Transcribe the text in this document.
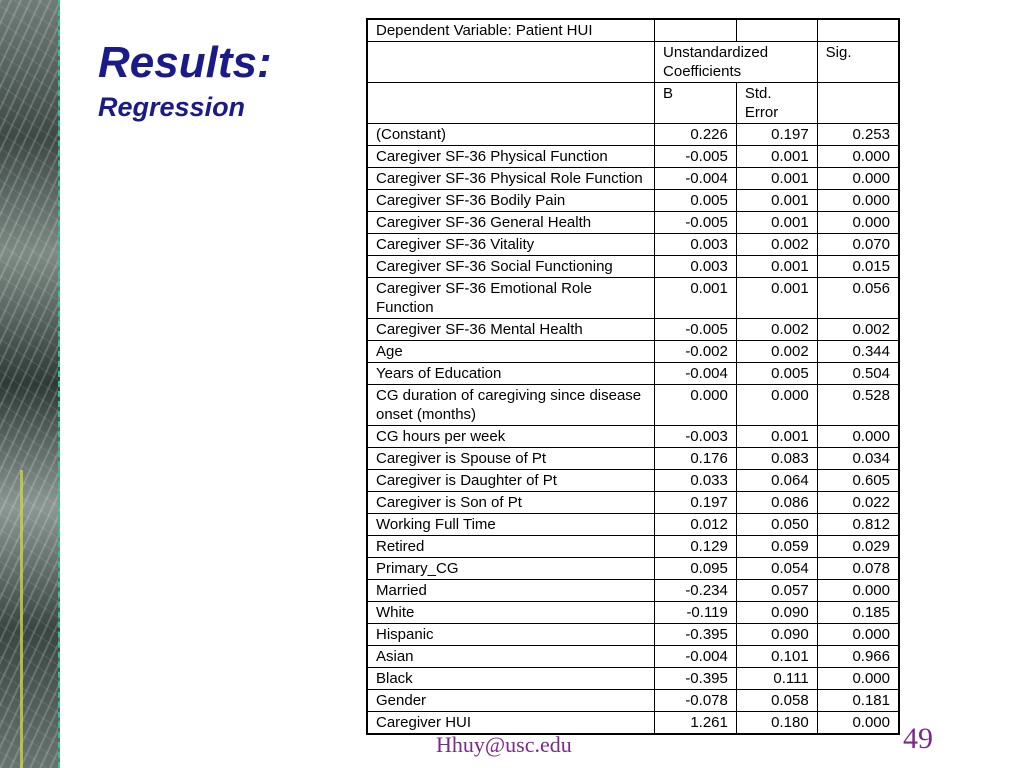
Results:
Regression
Dependent Variable: Patient HUI			
	Unstandardized Coefficients		Sig.
	B	Std. Error	
(Constant)	0.226	0.197	0.253
Caregiver SF-36 Physical Function	-0.005	0.001	0.000
Caregiver SF-36 Physical Role Function	-0.004	0.001	0.000
Caregiver SF-36 Bodily Pain	0.005	0.001	0.000
Caregiver SF-36 General Health	-0.005	0.001	0.000
Caregiver SF-36 Vitality	0.003	0.002	0.070
Caregiver SF-36 Social Functioning	0.003	0.001	0.015
Caregiver SF-36 Emotional Role Function	0.001	0.001	0.056
Caregiver SF-36 Mental Health	-0.005	0.002	0.002
Age	-0.002	0.002	0.344
Years of Education	-0.004	0.005	0.504
CG duration of caregiving since disease onset (months)	0.000	0.000	0.528
CG hours per week	-0.003	0.001	0.000
Caregiver is Spouse of Pt	0.176	0.083	0.034
Caregiver is Daughter of Pt	0.033	0.064	0.605
Caregiver is Son of Pt	0.197	0.086	0.022
Working Full Time	0.012	0.050	0.812
Retired	0.129	0.059	0.029
Primary_CG	0.095	0.054	0.078
Married	-0.234	0.057	0.000
White	-0.119	0.090	0.185
Hispanic	-0.395	0.090	0.000
Asian	-0.004	0.101	0.966
Black	-0.395	0.111	0.000
Gender	-0.078	0.058	0.181
Caregiver HUI	1.261	0.180	0.000
Hhuy@usc.edu	49
